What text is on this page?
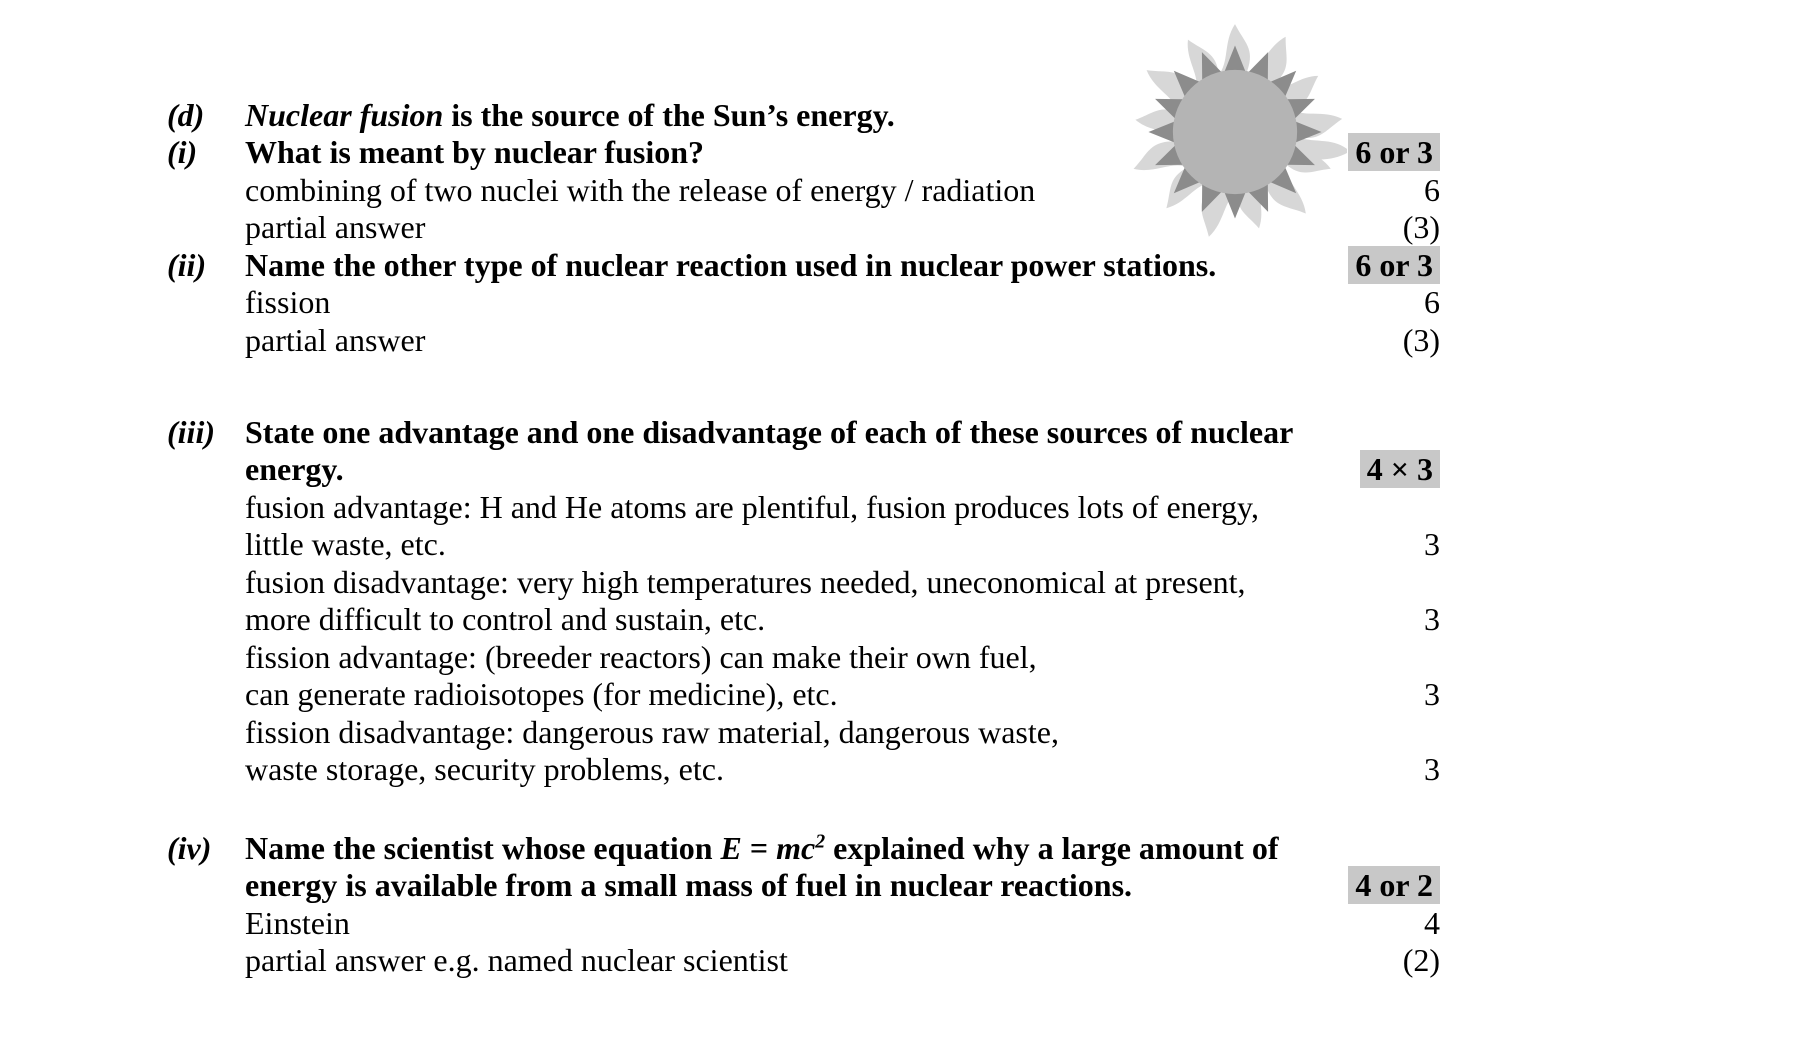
(d) Nuclear fusion is the source of the Sun’s energy.
(i) What is meant by nuclear fusion?	6 or 3
combining of two nuclei with the release of energy / radiation	6
partial answer	(3)
(ii) Name the other type of nuclear reaction used in nuclear power stations.	6 or 3
fission	6
partial answer	(3)
(iii) State one advantage and one disadvantage of each of these sources of nuclear
energy.	4 × 3
fusion advantage: H and He atoms are plentiful, fusion produces lots of energy,
little waste, etc.	3
fusion disadvantage: very high temperatures needed, uneconomical at present,
more difficult to control and sustain, etc.	3
fission advantage: (breeder reactors) can make their own fuel,
can generate radioisotopes (for medicine), etc.	3
fission disadvantage: dangerous raw material, dangerous waste,
waste storage, security problems, etc.	3
(iv) Name the scientist whose equation $E = mc^2$ explained why a large amount of
energy is available from a small mass of fuel in nuclear reactions.	4 or 2
Einstein	4
partial answer e.g. named nuclear scientist	(2)
